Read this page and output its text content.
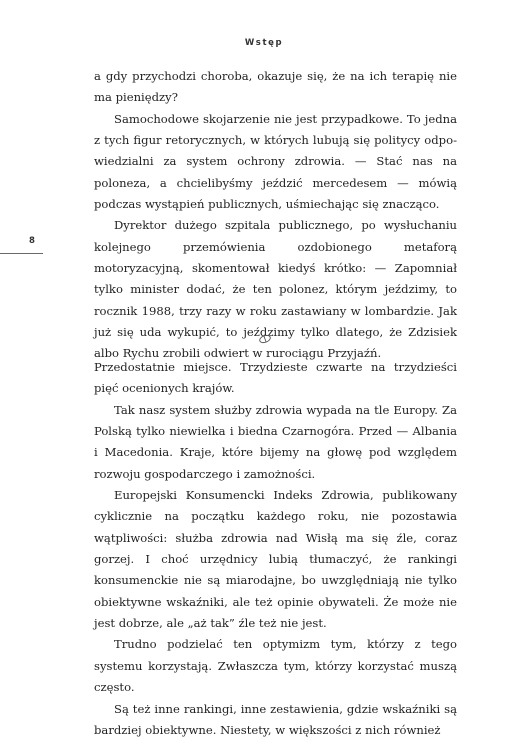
Wstęp
8

a gdy przychodzi choroba, okazuje się, że na ich terapię nie ma pieniędzy?

Samochodowe skojarzenie nie jest przypadkowe. To jedna z tych figur retorycznych, w których lubują się politycy odpowiedzialni za system ochrony zdrowia. — Stać nas na poloneza, a chcielibyśmy jeździć mercedesem — mówią podczas wystąpień publicznych, uśmiechając się znacząco.

Dyrektor dużego szpitala publicznego, po wysłuchaniu kolejnego przemówienia ozdobionego metaforą motoryzacyjną, skomentował kiedyś krótko: — Zapomniał tylko minister dodać, że ten polonez, którym jeździmy, to rocznik 1988, trzy razy w roku zastawiany w lombardzie. Jak już się uda wykupić, to jeździmy tylko dlatego, że Zdzisiek albo Rychu zrobili odwiert w rurociągu Przyjaźń.

Przedostatnie miejsce. Trzydzieste czwarte na trzydzieści pięć ocenionych krajów.

Tak nasz system służby zdrowia wypada na tle Europy. Za Polską tylko niewielka i biedna Czarnogóra. Przed — Albania i Macedonia. Kraje, które bijemy na głowę pod względem rozwoju gospodarczego i zamożności.

Europejski Konsumencki Indeks Zdrowia, publikowany cyklicznie na początku każdego roku, nie pozostawia wątpliwości: służba zdrowia nad Wisłą ma się źle, coraz gorzej. I choć urzędnicy lubią tłumaczyć, że rankingi konsumenckie nie są miarodajne, bo uwzględniają nie tylko obiektywne wskaźniki, ale też opinie obywateli. Że może nie jest dobrze, ale „aż tak” źle też nie jest.

Trudno podzielać ten optymizm tym, którzy z tego systemu korzystają. Zwłaszcza tym, którzy korzystać muszą często.

Są też inne rankingi, inne zestawienia, gdzie wskaźniki są bardziej obiektywne. Niestety, w większości z nich również
